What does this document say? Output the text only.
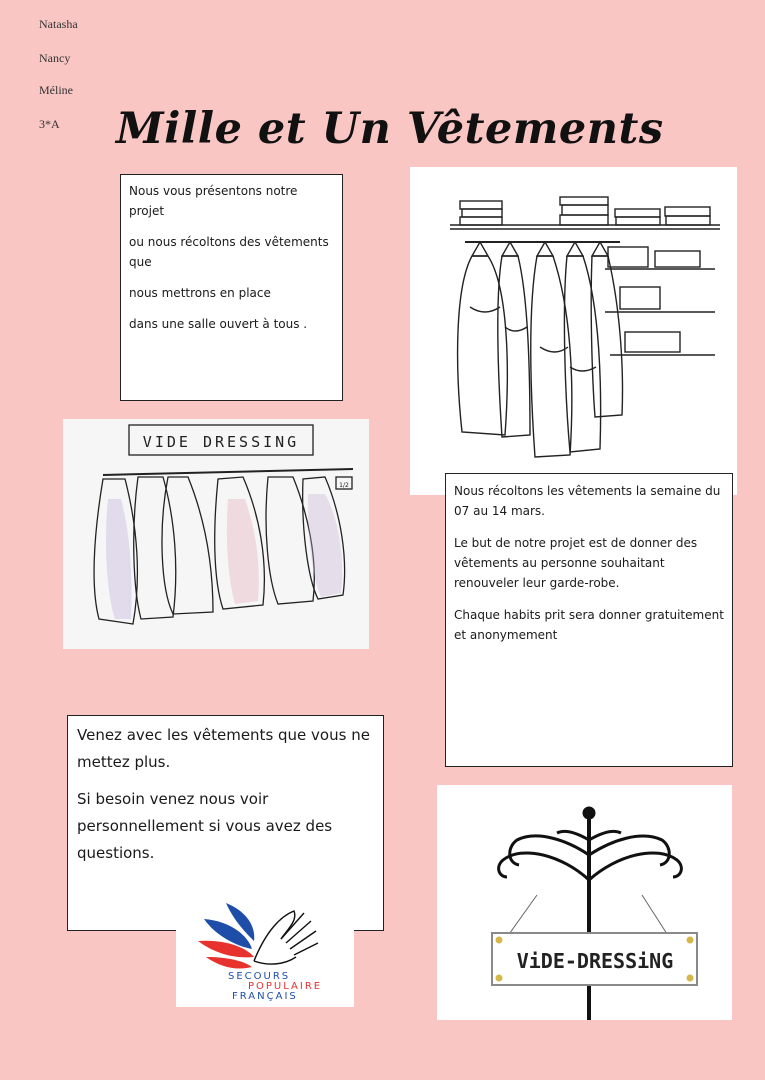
Natasha
Nancy
Méline
3*A Mille et Un Vêtements

Nous vous présentons notre projet

ou nous récoltons des vêtements que

nous mettrons en place

dans une salle ouvert à tous .

VIDE DRESSING
1/2	Nous récoltons les vêtements la semaine du 07 au 14 mars.

Le but de notre projet est de donner des vêtements au personne souhaitant renouveler leur garde-robe.

Chaque habits prit sera donner gratuitement et anonymement

Venez avec les vêtements que vous ne mettez plus.

Si besoin venez nous voir personnellement si vous avez des questions.

SECOURS
POPULAIRE
FRANÇAIS
ViDE-DRESSiNG
